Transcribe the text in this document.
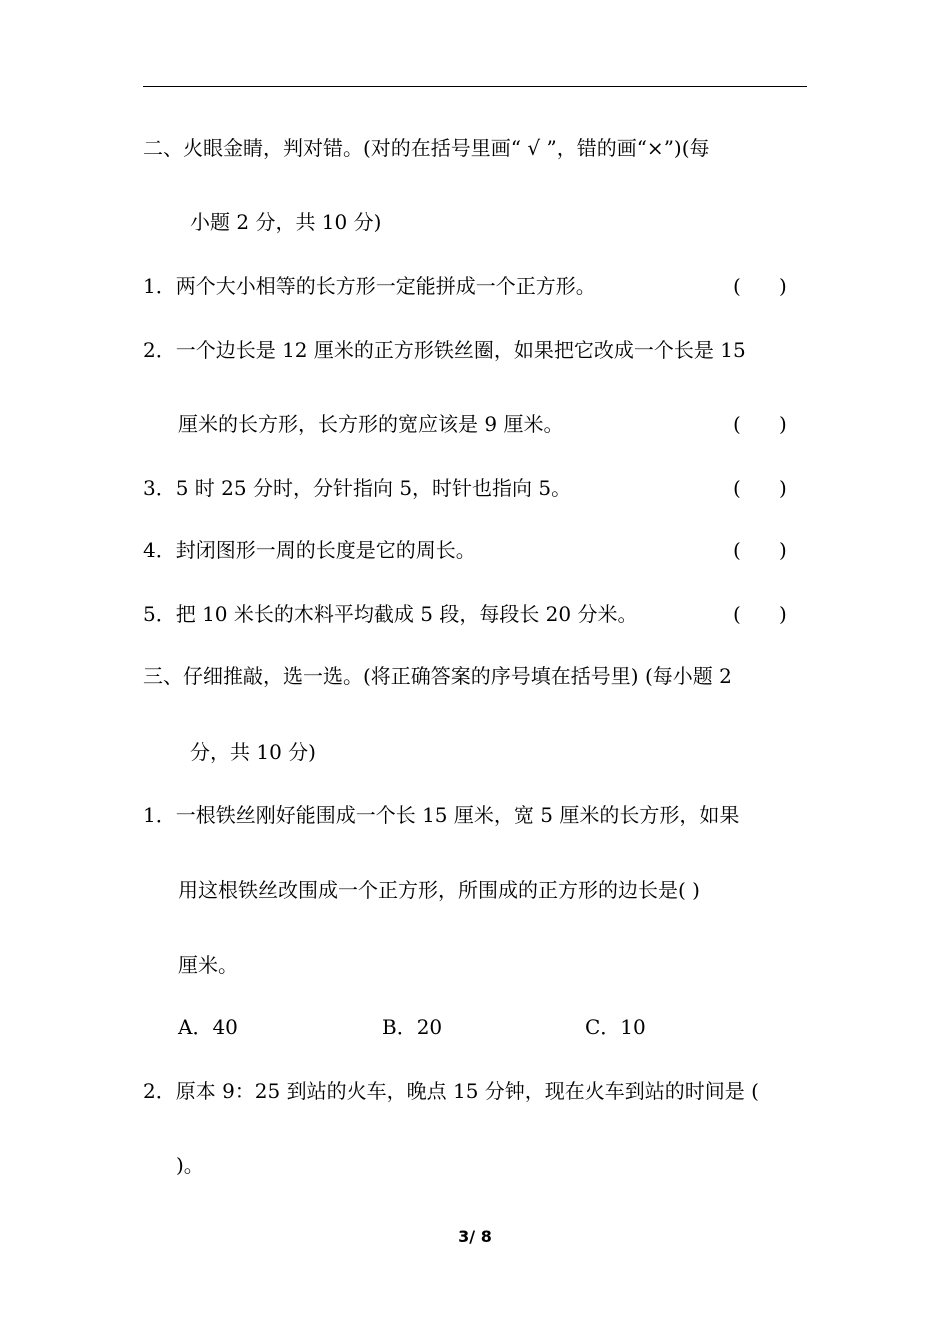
二、火眼金睛，判对错。(对的在括号里画“ √ ”，错的画“×”)(每
小题 2 分，共 10 分)
1．两个大小相等的长方形一定能拼成一个正方形。	(      )
2．一个边长是 12 厘米的正方形铁丝圈，如果把它改成一个长是 15
厘米的长方形，长方形的宽应该是 9 厘米。	(      )
3．5 时 25 分时，分针指向 5，时针也指向 5。	(      )
4．封闭图形一周的长度是它的周长。	(      )
5．把 10 米长的木料平均截成 5 段，每段长 20 分米。	(      )
三、仔细推敲，选一选。(将正确答案的序号填在括号里) (每小题 2
分，共 10 分)
1．一根铁丝刚好能围成一个长 15 厘米，宽 5 厘米的长方形，如果
用这根铁丝改围成一个正方形，所围成的正方形的边长是( )
厘米。
A．40	B．20	C．10
2．原本 9：25 到站的火车，晚点 15 分钟，现在火车到站的时间是 (
)。
3/ 8
